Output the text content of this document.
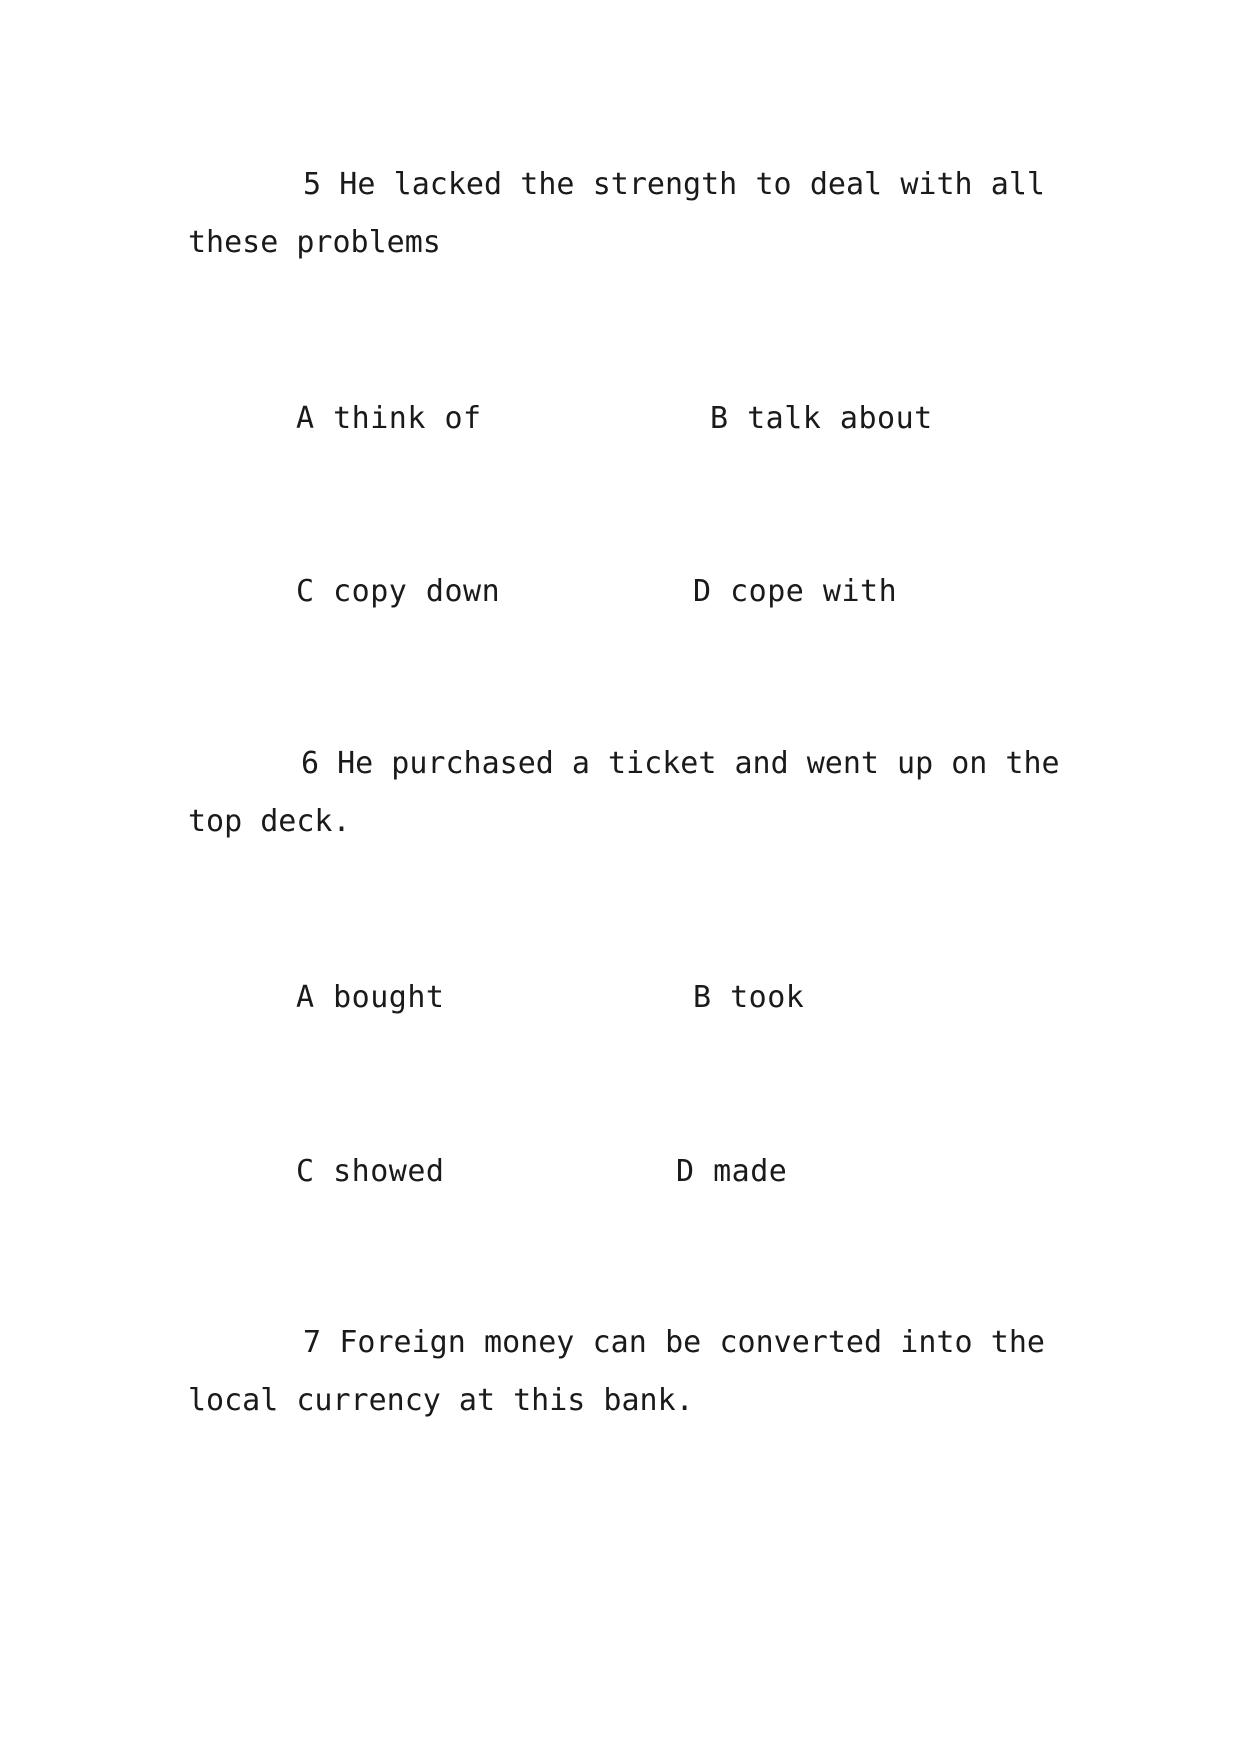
5 He lacked the strength to deal with all
these problems
A think of	B talk about
C copy down	D cope with
6 He purchased a ticket and went up on the
top deck.
A bought	B took
C showed	D made
7 Foreign money can be converted into the
local currency at this bank.
